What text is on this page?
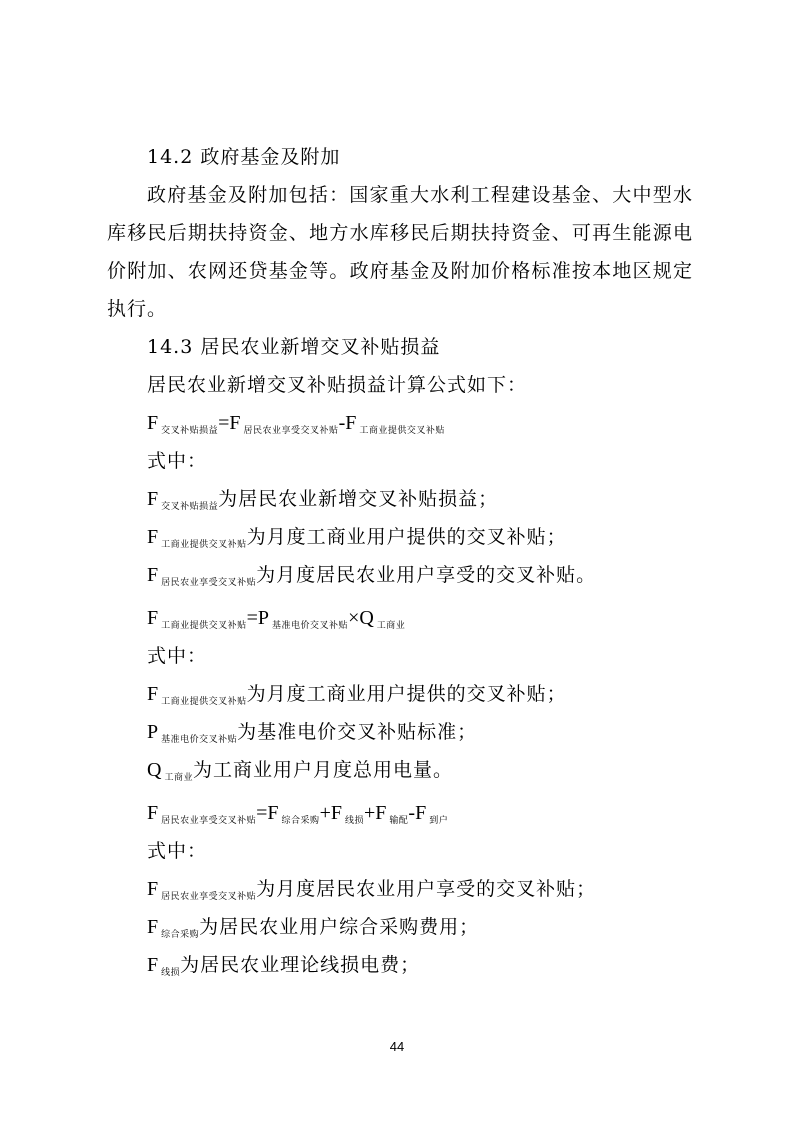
14.2 政府基金及附加
政府基金及附加包括：国家重大水利工程建设基金、大中型水
库移民后期扶持资金、地方水库移民后期扶持资金、可再生能源电
价附加、农网还贷基金等。政府基金及附加价格标准按本地区规定
执行。
14.3 居民农业新增交叉补贴损益
居民农业新增交叉补贴损益计算公式如下：
F $_{交叉补贴损益}$=F $_{居民农业享受交叉补贴}$-F $_{工商业提供交叉补贴}$
式中：
F $_{交叉补贴损益}$为居民农业新增交叉补贴损益；
F $_{工商业提供交叉补贴}$为月度工商业用户提供的交叉补贴；
F $_{居民农业享受交叉补贴}$为月度居民农业用户享受的交叉补贴。
F $_{工商业提供交叉补贴}$=P $_{基准电价交叉补贴}$×Q $_{工商业}$
式中：
F $_{工商业提供交叉补贴}$为月度工商业用户提供的交叉补贴；
P $_{基准电价交叉补贴}$为基准电价交叉补贴标准；
Q $_{工商业}$为工商业用户月度总用电量。
F $_{居民农业享受交叉补贴}$=F $_{综合采购}$+F $_{线损}$+F $_{输配}$-F $_{到户}$
式中：
F $_{居民农业享受交叉补贴}$为月度居民农业用户享受的交叉补贴；
F $_{综合采购}$为居民农业用户综合采购费用；
F $_{线损}$为居民农业理论线损电费；
44
